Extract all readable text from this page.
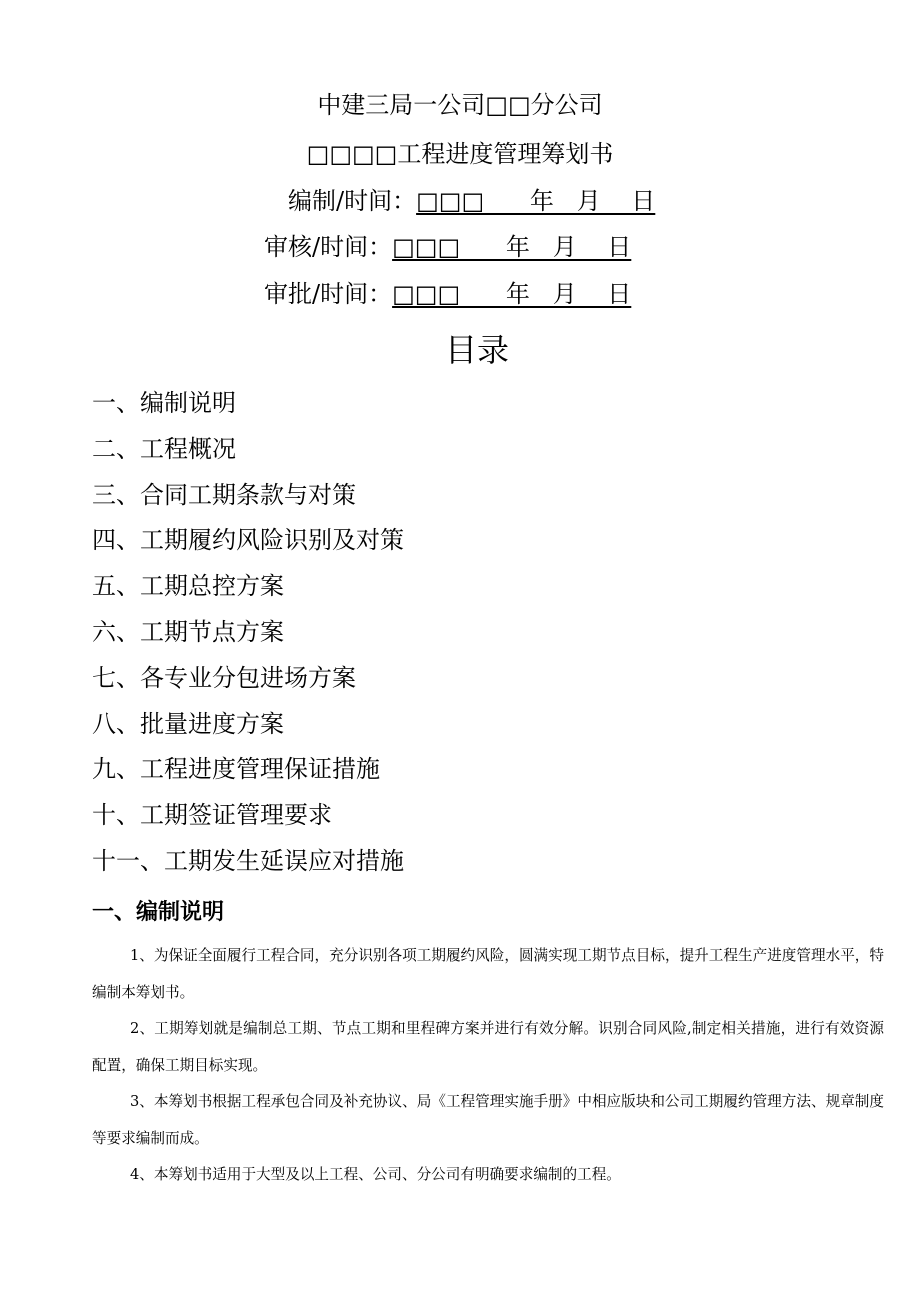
中建三局一公司□□分公司
□□□□工程进度管理筹划书
编制/时间：□□□      年   月    日
审核/时间：□□□      年   月    日
审批/时间：□□□      年   月    日
目录
一、编制说明
二、工程概况
三、合同工期条款与对策
四、工期履约风险识别及对策
五、工期总控方案
六、工期节点方案
七、各专业分包进场方案
八、批量进度方案
九、工程进度管理保证措施
十、工期签证管理要求
十一、工期发生延误应对措施
一、编制说明

1、为保证全面履行工程合同，充分识别各项工期履约风险，圆满实现工期节点目标，提升工程生产进度管理水平，特编制本筹划书。

2、工期筹划就是编制总工期、节点工期和里程碑方案并进行有效分解。识别合同风险,制定相关措施，进行有效资源配置，确保工期目标实现。

3、本筹划书根据工程承包合同及补充协议、局《工程管理实施手册》中相应版块和公司工期履约管理方法、规章制度等要求编制而成。

4、本筹划书适用于大型及以上工程、公司、分公司有明确要求编制的工程。
